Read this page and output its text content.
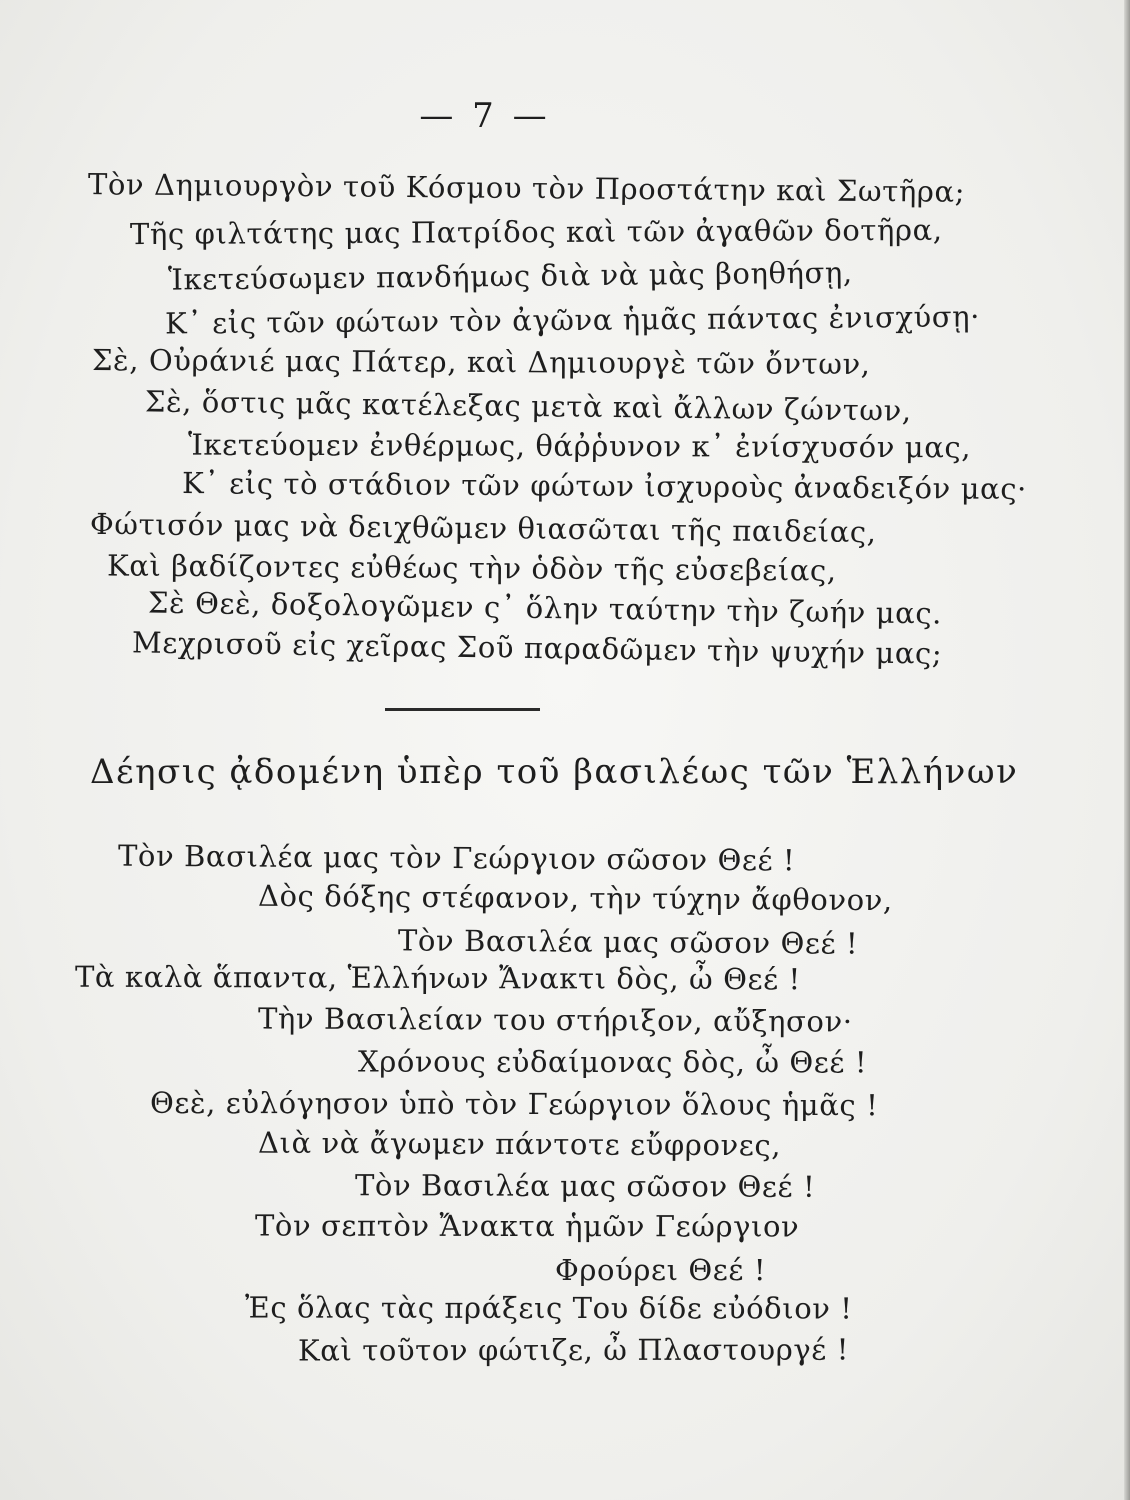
— 7 —
Τὸν Δημιουργὸν τοῦ Κόσμου τὸν Προστάτην καὶ Σωτῆρα;
Τῆς φιλτάτης μας Πατρίδος καὶ τῶν ἀγαθῶν δοτῆρα,
Ἱκετεύσωμεν πανδήμως διὰ νὰ μὰς βοηθήσῃ,
Κ᾽ εἰς τῶν φώτων τὸν ἀγῶνα ἡμᾶς πάντας ἐνισχύσῃ·
Σὲ, Οὐράνιέ μας Πάτερ, καὶ Δημιουργὲ τῶν ὄντων,
Σὲ, ὅστις μᾶς κατέλεξας μετὰ καὶ ἄλλων ζώντων,
Ἱκετεύομεν ἐνθέρμως, θάῤῥυνον κ᾽ ἐνίσχυσόν μας,
Κ᾽ εἰς τὸ στάδιον τῶν φώτων ἰσχυροὺς ἀναδειξόν μας·
Φώτισόν μας νὰ δειχθῶμεν θιασῶται τῆς παιδείας,
Καὶ βαδίζοντες εὐθέως τὴν ὁδὸν τῆς εὐσεβείας,
Σὲ Θεὲ, δοξολογῶμεν ς᾽ ὅλην ταύτην τὴν ζωήν μας.
Μεχρισοῦ εἰς χεῖρας Σοῦ παραδῶμεν τὴν ψυχήν μας;
Δέησις ᾀδομένη ὑπὲρ τοῦ βασιλέως τῶν Ἑλλήνων
Τὸν Βασιλέα μας τὸν Γεώργιον σῶσον Θεέ !
Δὸς δόξης στέφανον, τὴν τύχην ἄφθονον,
Τὸν Βασιλέα μας σῶσον Θεέ !
Τὰ καλὰ ἅπαντα, Ἑλλήνων Ἄνακτι δὸς, ὦ Θεέ !
Τὴν Βασιλείαν του στήριξον, αὔξησον·
Χρόνους εὐδαίμονας δὸς, ὦ Θεέ !
Θεὲ, εὐλόγησον ὑπὸ τὸν Γεώργιον ὅλους ἡμᾶς !
Διὰ νὰ ἄγωμεν πάντοτε εὔφρονες,
Τὸν Βασιλέα μας σῶσον Θεέ !
Τὸν σεπτὸν Ἄνακτα ἡμῶν Γεώργιον
Φρούρει Θεέ !
Ἐς ὅλας τὰς πράξεις Του δίδε εὐόδιον !
Καὶ τοῦτον φώτιζε, ὦ Πλαστουργέ !
